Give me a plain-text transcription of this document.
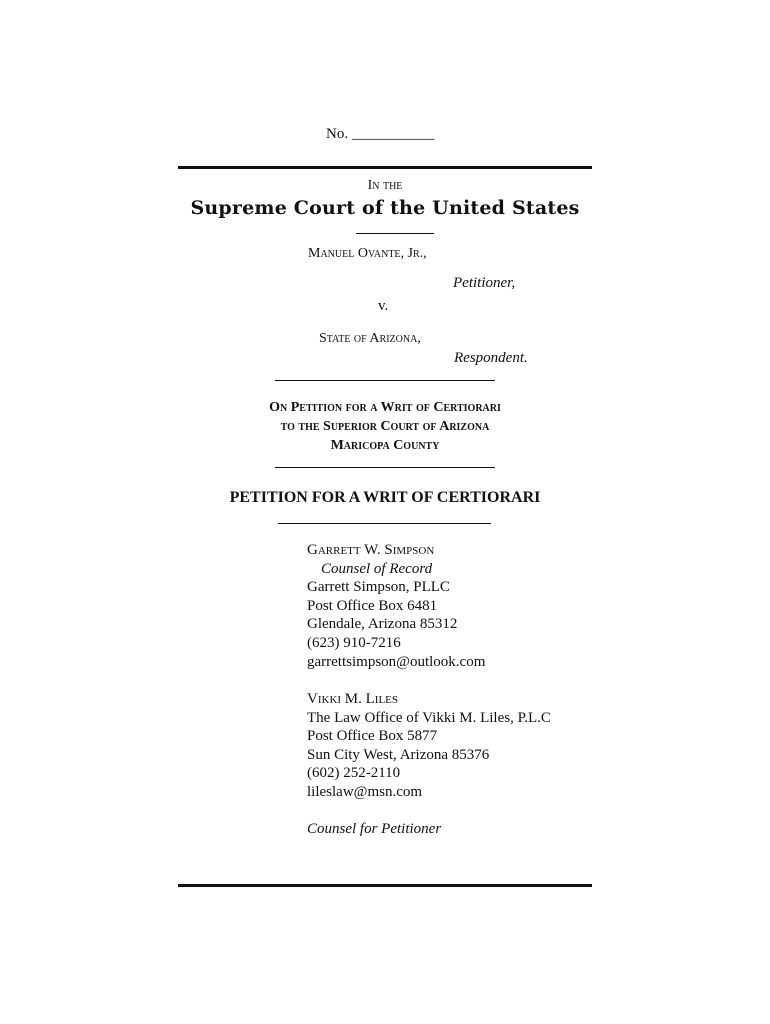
No. ___________
In the
Supreme Court of the United States
Manuel Ovante, Jr.,
Petitioner,
v.
State of Arizona,
Respondent.
On Petition for a Writ of Certiorari
to the Superior Court of Arizona
Maricopa County
PETITION FOR A WRIT OF CERTIORARI
Garrett W. Simpson
Counsel of Record
Garrett Simpson, PLLC
Post Office Box 6481
Glendale, Arizona 85312
(623) 910-7216
garrettsimpson@outlook.com
Vikki M. Liles
The Law Office of Vikki M. Liles, P.L.C
Post Office Box 5877
Sun City West, Arizona 85376
(602) 252-2110
lileslaw@msn.com
Counsel for Petitioner
